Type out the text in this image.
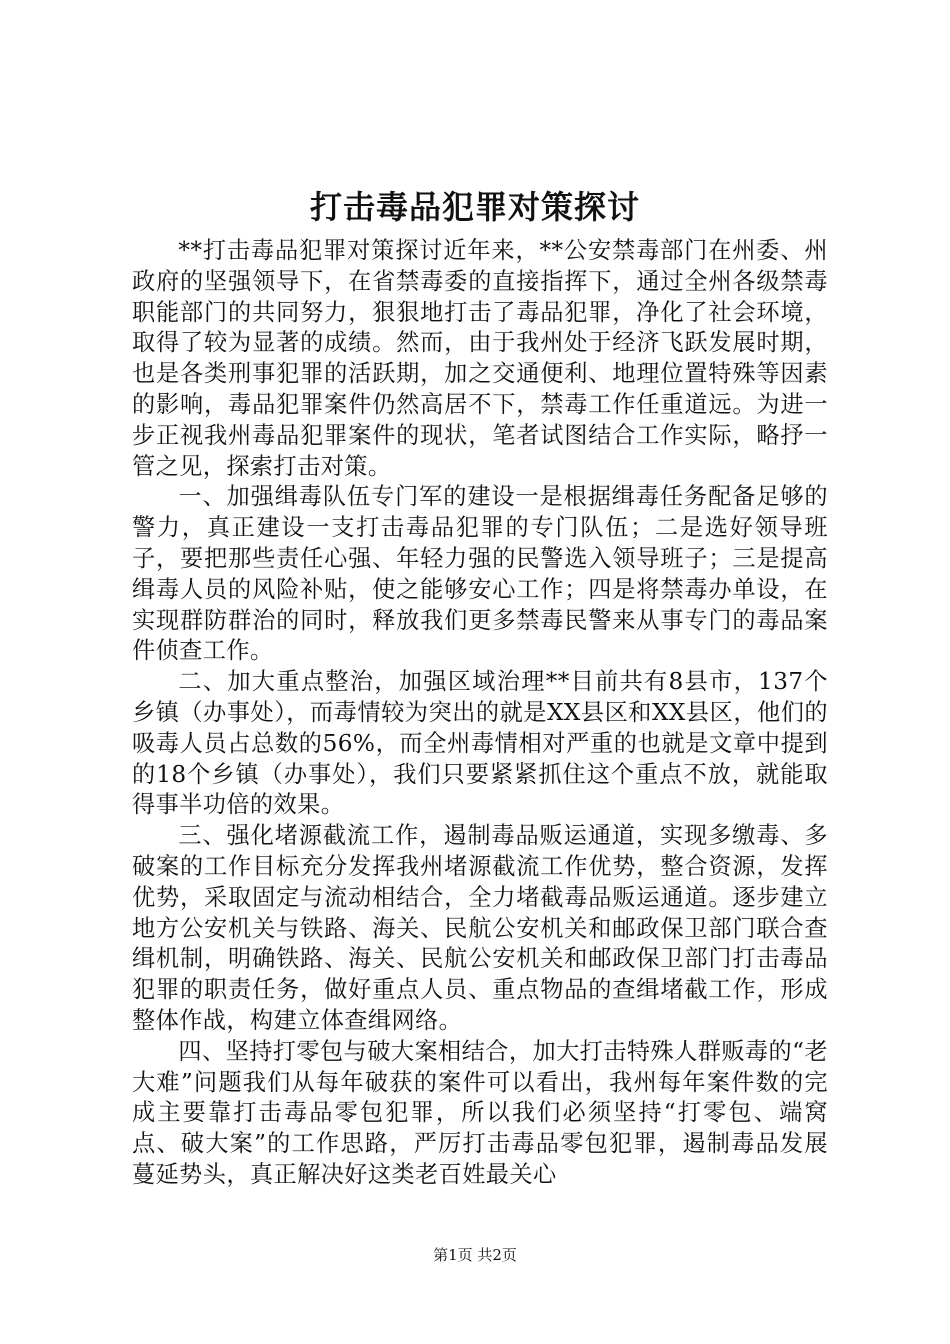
打击毒品犯罪对策探讨

**打击毒品犯罪对策探讨近年来，**公安禁毒部门在州委、州政府的坚强领导下，在省禁毒委的直接指挥下，通过全州各级禁毒职能部门的共同努力，狠狠地打击了毒品犯罪，净化了社会环境，取得了较为显著的成绩。然而，由于我州处于经济飞跃发展时期，也是各类刑事犯罪的活跃期，加之交通便利、地理位置特殊等因素的影响，毒品犯罪案件仍然高居不下，禁毒工作任重道远。为进一步正视我州毒品犯罪案件的现状，笔者试图结合工作实际，略抒一管之见，探索打击对策。

一、加强缉毒队伍专门军的建设一是根据缉毒任务配备足够的警力，真正建设一支打击毒品犯罪的专门队伍；二是选好领导班子，要把那些责任心强、年轻力强的民警选入领导班子；三是提高缉毒人员的风险补贴，使之能够安心工作；四是将禁毒办单设，在实现群防群治的同时，释放我们更多禁毒民警来从事专门的毒品案件侦查工作。

二、加大重点整治，加强区域治理**目前共有8县市，137个乡镇（办事处），而毒情较为突出的就是XX县区和XX县区，他们的吸毒人员占总数的56%，而全州毒情相对严重的也就是文章中提到的18个乡镇（办事处），我们只要紧紧抓住这个重点不放，就能取得事半功倍的效果。

三、强化堵源截流工作，遏制毒品贩运通道，实现多缴毒、多破案的工作目标充分发挥我州堵源截流工作优势，整合资源，发挥优势，采取固定与流动相结合，全力堵截毒品贩运通道。逐步建立地方公安机关与铁路、海关、民航公安机关和邮政保卫部门联合查缉机制，明确铁路、海关、民航公安机关和邮政保卫部门打击毒品犯罪的职责任务，做好重点人员、重点物品的查缉堵截工作，形成整体作战，构建立体查缉网络。

四、坚持打零包与破大案相结合，加大打击特殊人群贩毒的“老大难”问题我们从每年破获的案件可以看出，我州每年案件数的完成主要靠打击毒品零包犯罪，所以我们必须坚持“打零包、端窝点、破大案”的工作思路，严厉打击毒品零包犯罪，遏制毒品发展蔓延势头，真正解决好这类老百姓最关心

第1页 共2页
